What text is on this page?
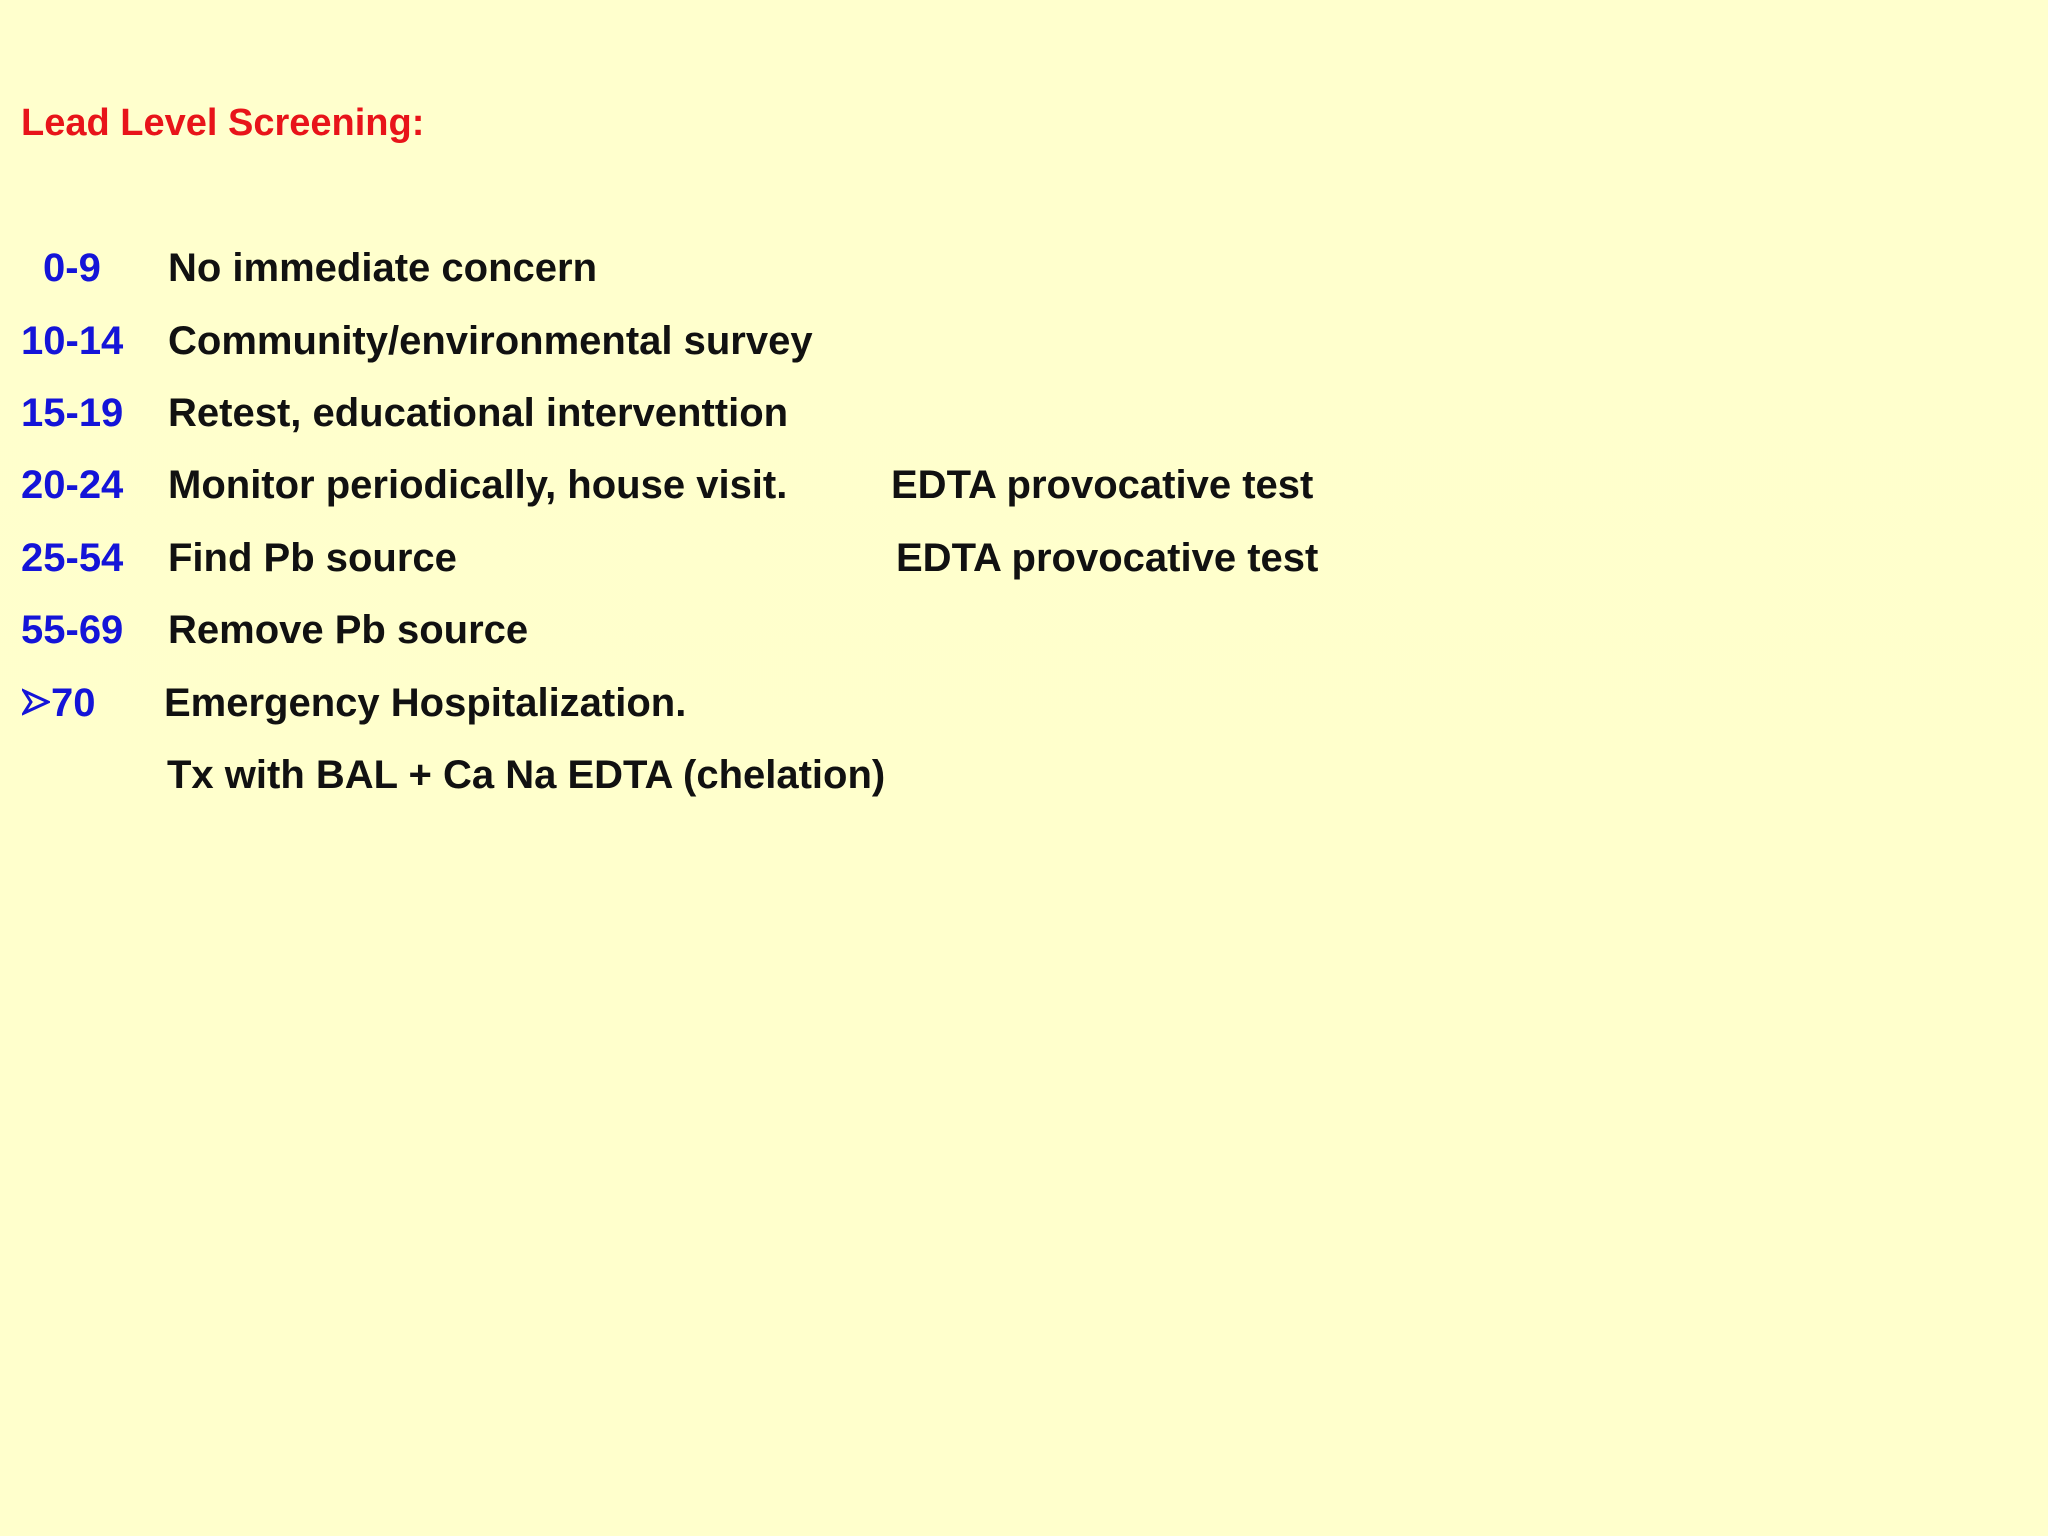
Lead Level Screening:
0-9 No immediate concern
10-14 Community/environmental survey
15-19 Retest, educational interventtion
20-24 Monitor periodically, house visit.	EDTA provocative test
25-54 Find Pb source	EDTA provocative test
55-69 Remove Pb source
70 Emergency Hospitalization.
Tx with BAL + Ca Na EDTA (chelation)
